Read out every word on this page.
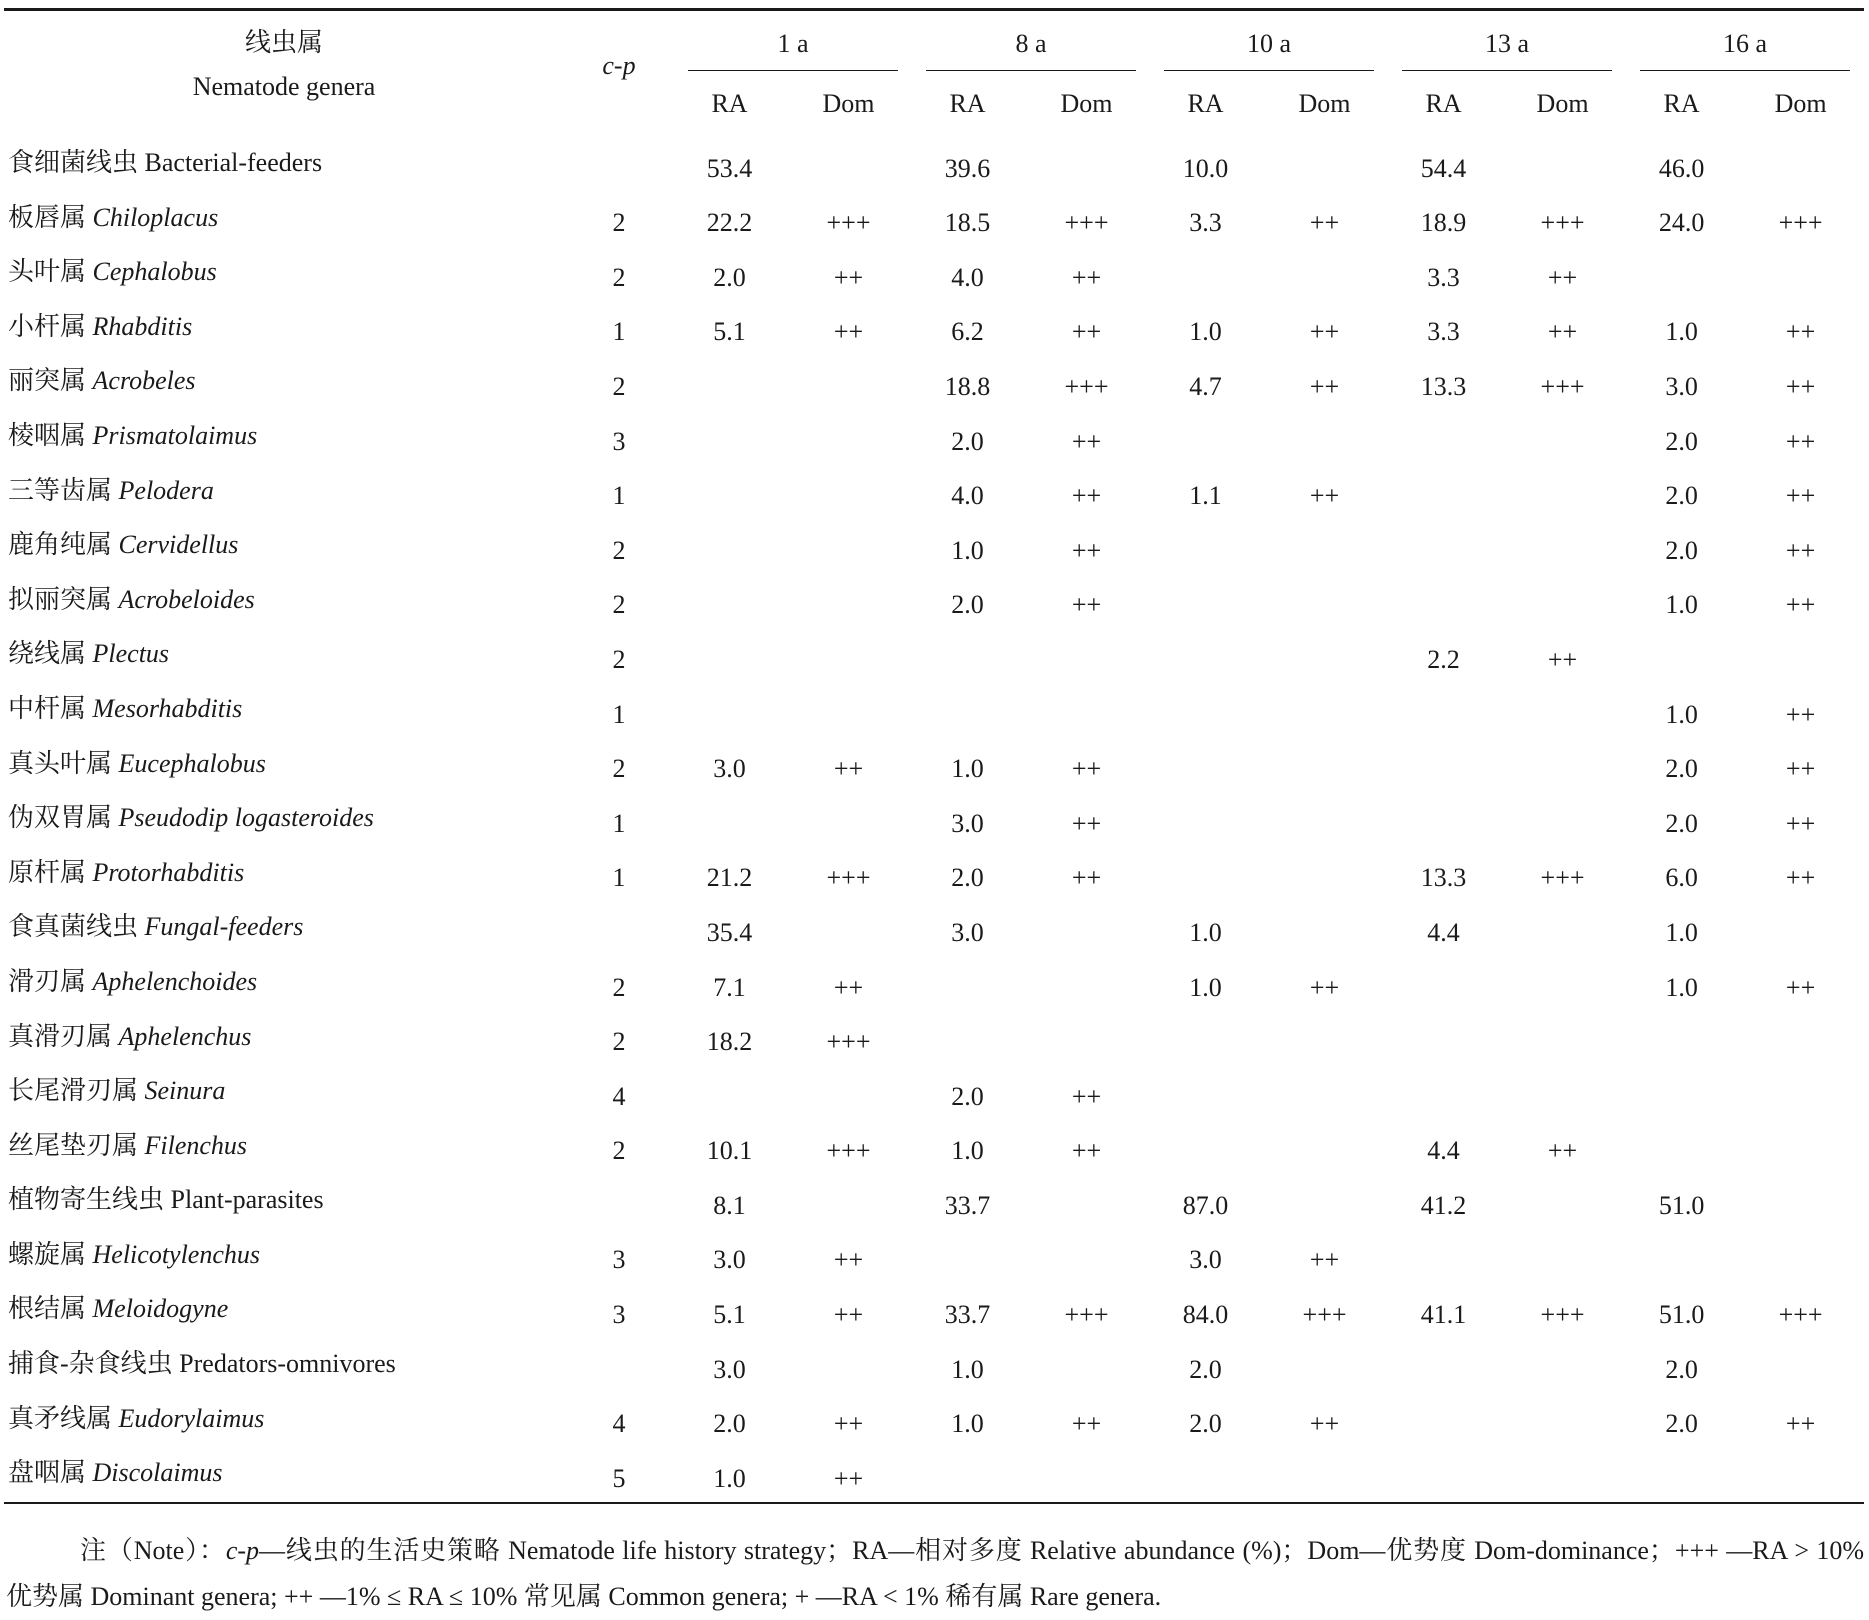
线虫属
Nematode genera	c-p	1 a		8 a		10 a		13 a		16 a	

		RA	Dom	RA	Dom	RA	Dom	RA	Dom	RA	Dom
食细菌线虫 Bacterial-feeders		53.4		39.6		10.0		54.4		46.0	
板唇属 Chiloplacus	2	22.2	+++	18.5	+++	3.3	++	18.9	+++	24.0	+++
头叶属 Cephalobus	2	2.0	++	4.0	++			3.3	++		
小杆属 Rhabditis	1	5.1	++	6.2	++	1.0	++	3.3	++	1.0	++
丽突属 Acrobeles	2			18.8	+++	4.7	++	13.3	+++	3.0	++
棱咽属 Prismatolaimus	3			2.0	++					2.0	++
三等齿属 Pelodera	1			4.0	++	1.1	++			2.0	++
鹿角纯属 Cervidellus	2			1.0	++					2.0	++
拟丽突属 Acrobeloides	2			2.0	++					1.0	++
绕线属 Plectus	2							2.2	++		
中杆属 Mesorhabditis	1									1.0	++
真头叶属 Eucephalobus	2	3.0	++	1.0	++					2.0	++
伪双胃属 Pseudodip logasteroides	1			3.0	++					2.0	++
原杆属 Protorhabditis	1	21.2	+++	2.0	++			13.3	+++	6.0	++
食真菌线虫 Fungal-feeders		35.4		3.0		1.0		4.4		1.0	
滑刃属 Aphelenchoides	2	7.1	++			1.0	++			1.0	++
真滑刃属 Aphelenchus	2	18.2	+++								
长尾滑刃属 Seinura	4			2.0	++						
丝尾垫刃属 Filenchus	2	10.1	+++	1.0	++			4.4	++		
植物寄生线虫 Plant-parasites		8.1		33.7		87.0		41.2		51.0	
螺旋属 Helicotylenchus	3	3.0	++			3.0	++				
根结属 Meloidogyne	3	5.1	++	33.7	+++	84.0	+++	41.1	+++	51.0	+++
捕食-杂食线虫 Predators-omnivores		3.0		1.0		2.0				2.0	
真矛线属 Eudorylaimus	4	2.0	++	1.0	++	2.0	++			2.0	++
盘咽属 Discolaimus	5	1.0	++								

注（Note）：c-p—线虫的生活史策略 Nematode life history strategy；RA—相对多度 Relative abundance (%)；Dom—优势度 Dom-dominance；+++ —RA > 10% 优势属 Dominant genera; ++ —1% ≤ RA ≤ 10% 常见属 Common genera; + —RA < 1% 稀有属 Rare genera.
